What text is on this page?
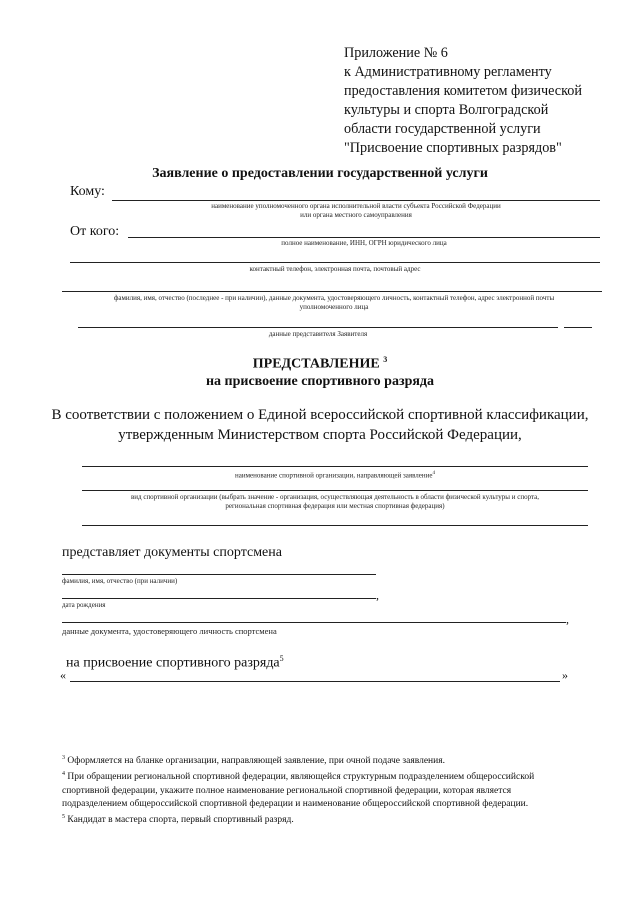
Приложение № 6
к Административному регламенту
предоставления комитетом физической
культуры и спорта Волгоградской
области государственной услуги
"Присвоение спортивных разрядов"
Заявление о предоставлении государственной услуги
Кому:
наименование уполномоченного органа исполнительной власти субъекта Российской Федерации
или органа местного самоуправления
От кого:
полное наименование, ИНН, ОГРН юридического лица
контактный телефон, электронная почта, почтовый адрес
фамилия, имя, отчество (последнее - при наличии), данные документа, удостоверяющего личность, контактный телефон, адрес электронной почты
уполномоченного лица
данные представителя Заявителя
ПРЕДСТАВЛЕНИЕ $^3$
на присвоение спортивного разряда
В соответствии с положением о Единой всероссийской спортивной классификации,
утвержденным Министерством спорта Российской Федерации,
наименование спортивной организации, направляющей заявление$^4$
вид спортивной организации (выбрать значение - организация, осуществляющая деятельность в области физической культуры и спорта,
региональная спортивная федерация или местная спортивная федерация)
представляет документы спортсмена
фамилия, имя, отчество (при наличии)
,
дата рождения
,
данные документа, удостоверяющего личность спортсмена
на присвоение спортивного разряда$^5$
«	»
$^3$ Оформляется на бланке организации, направляющей заявление, при очной подаче заявления.
$^4$ При обращении региональной спортивной федерации, являющейся структурным подразделением общероссийской
спортивной федерации, укажите полное наименование региональной спортивной федерации, которая является
подразделением общероссийской спортивной федерации и наименование общероссийской спортивной федерации.
$^5$ Кандидат в мастера спорта, первый спортивный разряд.
